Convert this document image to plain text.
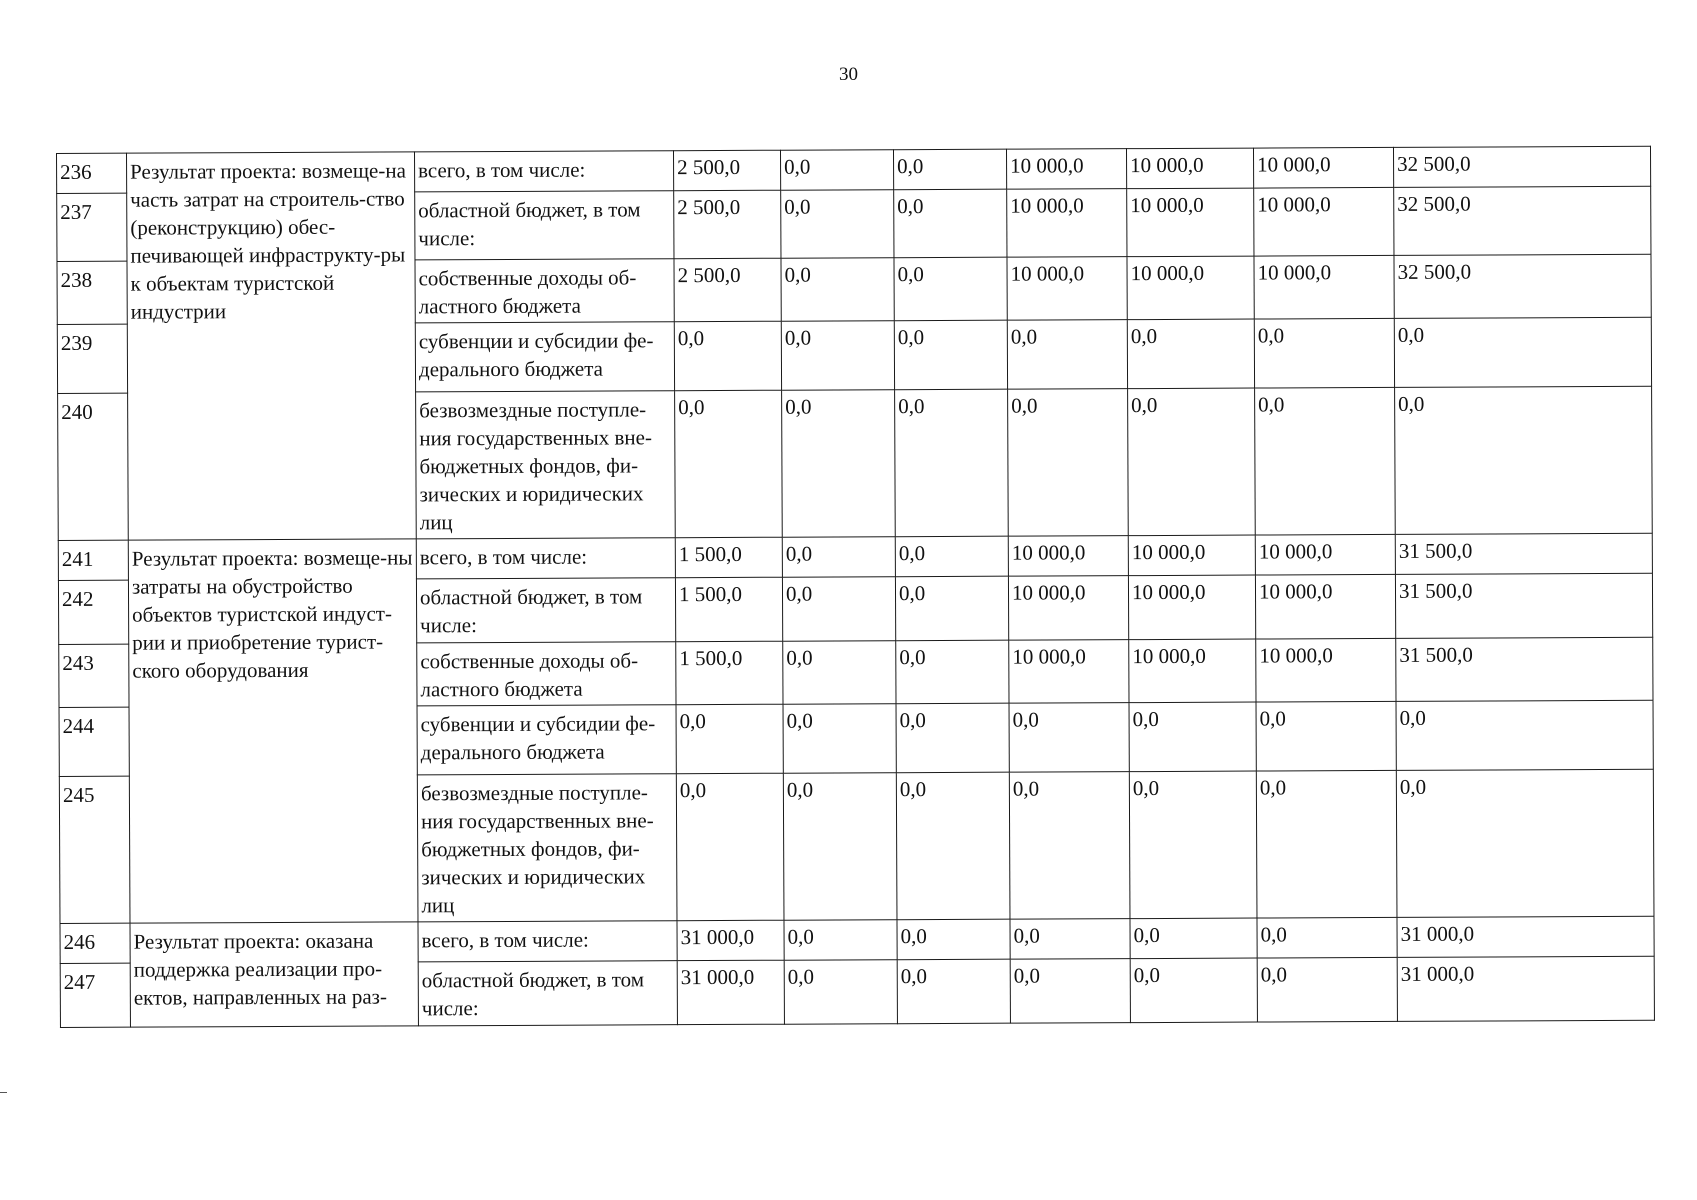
30
236	Результат проекта: возмеще-на часть затрат на строитель-ство (реконструкцию) обес-печивающей инфраструкту-ры к объектам туристской индустрии	всего, в том числе:	2 500,0	0,0	0,0	10 000,0	10 000,0	10 000,0	32 500,0
237		областной бюджет, в том числе:	2 500,0	0,0	0,0	10 000,0	10 000,0	10 000,0	32 500,0
238		собственные доходы об-ластного бюджета	2 500,0	0,0	0,0	10 000,0	10 000,0	10 000,0	32 500,0
239		субвенции и субсидии фе-дерального бюджета	0,0	0,0	0,0	0,0	0,0	0,0	0,0
240		безвозмездные поступле-ния государственных вне-бюджетных фондов, фи-зических и юридических лиц	0,0	0,0	0,0	0,0	0,0	0,0	0,0
241	Результат проекта: возмеще-ны затраты на обустройство объектов туристской индуст-рии и приобретение турист-ского оборудования	всего, в том числе:	1 500,0	0,0	0,0	10 000,0	10 000,0	10 000,0	31 500,0
242		областной бюджет, в том числе:	1 500,0	0,0	0,0	10 000,0	10 000,0	10 000,0	31 500,0
243		собственные доходы об-ластного бюджета	1 500,0	0,0	0,0	10 000,0	10 000,0	10 000,0	31 500,0
244		субвенции и субсидии фе-дерального бюджета	0,0	0,0	0,0	0,0	0,0	0,0	0,0
245		безвозмездные поступле-ния государственных вне-бюджетных фондов, фи-зических и юридических лиц	0,0	0,0	0,0	0,0	0,0	0,0	0,0
246	Результат проекта: оказана поддержка реализации про-ектов, направленных на раз-	всего, в том числе:	31 000,0	0,0	0,0	0,0	0,0	0,0	31 000,0
247		областной бюджет, в том числе:	31 000,0	0,0	0,0	0,0	0,0	0,0	31 000,0
